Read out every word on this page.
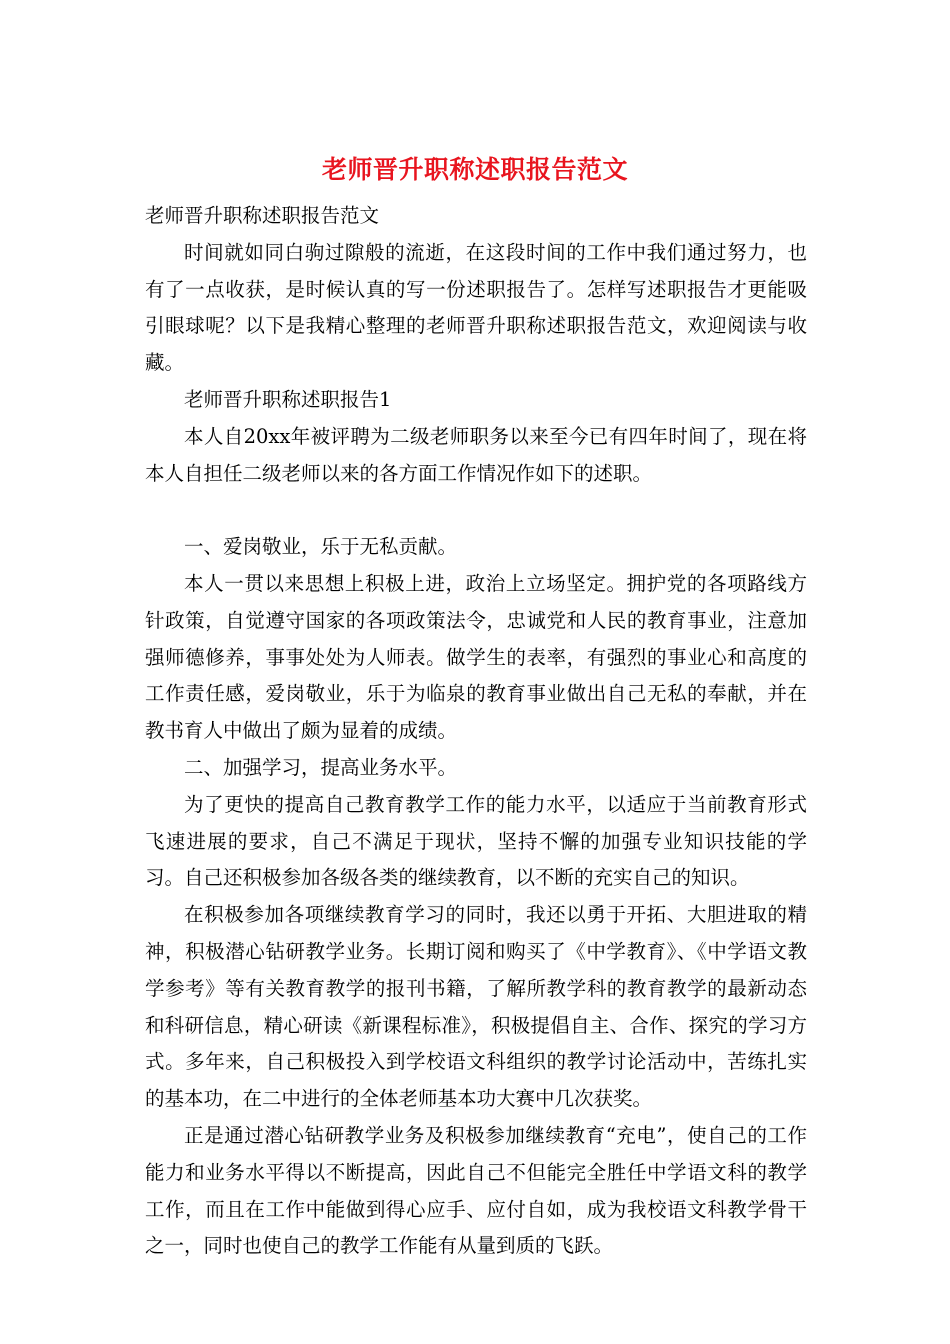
老师晋升职称述职报告范文

老师晋升职称述职报告范文

时间就如同白驹过隙般的流逝，在这段时间的工作中我们通过努力，也有了一点收获，是时候认真的写一份述职报告了。怎样写述职报告才更能吸引眼球呢？以下是我精心整理的老师晋升职称述职报告范文，欢迎阅读与收藏。

老师晋升职称述职报告1

本人自20xx年被评聘为二级老师职务以来至今已有四年时间了，现在将本人自担任二级老师以来的各方面工作情况作如下的述职。

一、爱岗敬业，乐于无私贡献。

本人一贯以来思想上积极上进，政治上立场坚定。拥护党的各项路线方针政策，自觉遵守国家的各项政策法令，忠诚党和人民的教育事业，注意加强师德修养，事事处处为人师表。做学生的表率，有强烈的事业心和高度的工作责任感，爱岗敬业，乐于为临泉的教育事业做出自己无私的奉献，并在教书育人中做出了颇为显着的成绩。

二、加强学习，提高业务水平。

为了更快的提高自己教育教学工作的能力水平，以适应于当前教育形式飞速进展的要求，自己不满足于现状，坚持不懈的加强专业知识技能的学习。自己还积极参加各级各类的继续教育，以不断的充实自己的知识。

在积极参加各项继续教育学习的同时，我还以勇于开拓、大胆进取的精神，积极潜心钻研教学业务。长期订阅和购买了《中学教育》、《中学语文教学参考》等有关教育教学的报刊书籍，了解所教学科的教育教学的最新动态和科研信息，精心研读《新课程标准》，积极提倡自主、合作、探究的学习方式。多年来，自己积极投入到学校语文科组织的教学讨论活动中，苦练扎实的基本功，在二中进行的全体老师基本功大赛中几次获奖。

正是通过潜心钻研教学业务及积极参加继续教育“充电”，使自己的工作能力和业务水平得以不断提高，因此自己不但能完全胜任中学语文科的教学工作，而且在工作中能做到得心应手、应付自如，成为我校语文科教学骨干之一，同时也使自己的教学工作能有从量到质的飞跃。
